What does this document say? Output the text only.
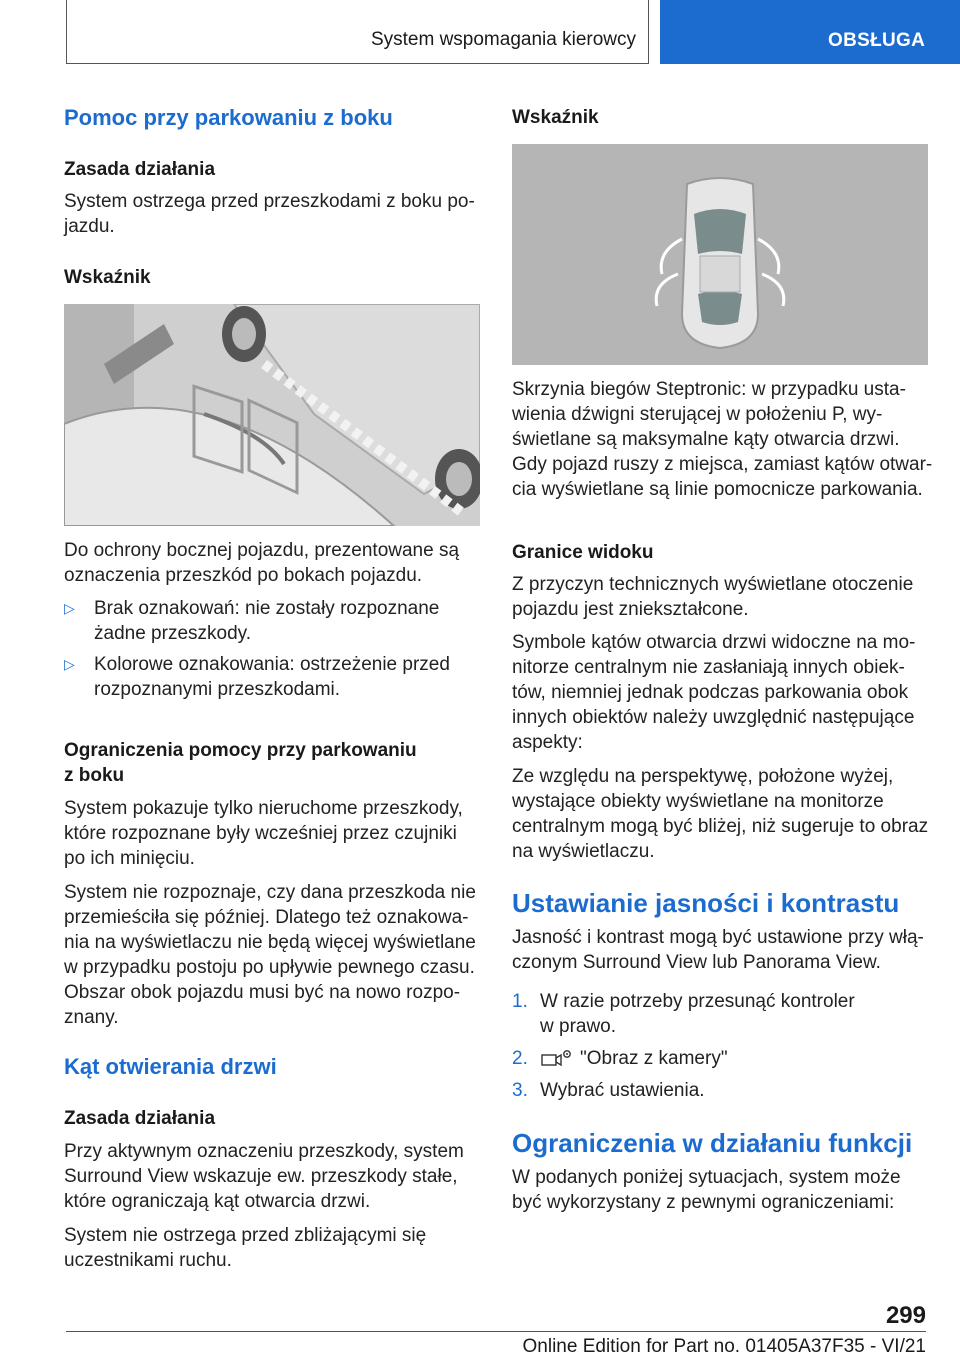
System wspomagania kierowcy	OBSŁUGA
Pomoc przy parkowaniu z boku
Zasada działania
System ostrzega przed przeszkodami z boku po-
jazdu.
Wskaźnik
Do ochrony bocznej pojazdu, prezentowane są
oznaczenia przeszkód po bokach pojazdu.
▷ Brak oznakowań: nie zostały rozpoznane
żadne przeszkody.
▷ Kolorowe oznakowania: ostrzeżenie przed
rozpoznanymi przeszkodami.
Ograniczenia pomocy przy parkowaniu
z boku
System pokazuje tylko nieruchome przeszkody,
które rozpoznane były wcześniej przez czujniki
po ich minięciu.
System nie rozpoznaje, czy dana przeszkoda nie
przemieściła się później. Dlatego też oznakowa-
nia na wyświetlaczu nie będą więcej wyświetlane
w przypadku postoju po upływie pewnego czasu.
Obszar obok pojazdu musi być na nowo rozpo-
znany.
Kąt otwierania drzwi
Zasada działania
Przy aktywnym oznaczeniu przeszkody, system
Surround View wskazuje ew. przeszkody stałe,
które ograniczają kąt otwarcia drzwi.
System nie ostrzega przed zbliżającymi się
uczestnikami ruchu.
Wskaźnik
Skrzynia biegów Steptronic: w przypadku usta-
wienia dźwigni sterującej w położeniu P, wy-
świetlane są maksymalne kąty otwarcia drzwi.
Gdy pojazd ruszy z miejsca, zamiast kątów otwar-
cia wyświetlane są linie pomocnicze parkowania.
Granice widoku
Z przyczyn technicznych wyświetlane otoczenie
pojazdu jest zniekształcone.
Symbole kątów otwarcia drzwi widoczne na mo-
nitorze centralnym nie zasłaniają innych obiek-
tów, niemniej jednak podczas parkowania obok
innych obiektów należy uwzględnić następujące
aspekty:
Ze względu na perspektywę, położone wyżej,
wystające obiekty wyświetlane na monitorze
centralnym mogą być bliżej, niż sugeruje to obraz
na wyświetlaczu.
Ustawianie jasności i kontrastu
Jasność i kontrast mogą być ustawione przy włą-
czonym Surround View lub Panorama View.
1. W razie potrzeby przesunąć kontroler
w prawo.
2.	"Obraz z kamery"
3. Wybrać ustawienia.
Ograniczenia w działaniu funkcji
W podanych poniżej sytuacjach, system może
być wykorzystany z pewnymi ograniczeniami:
299
Online Edition for Part no. 01405A37F35 - VI/21
